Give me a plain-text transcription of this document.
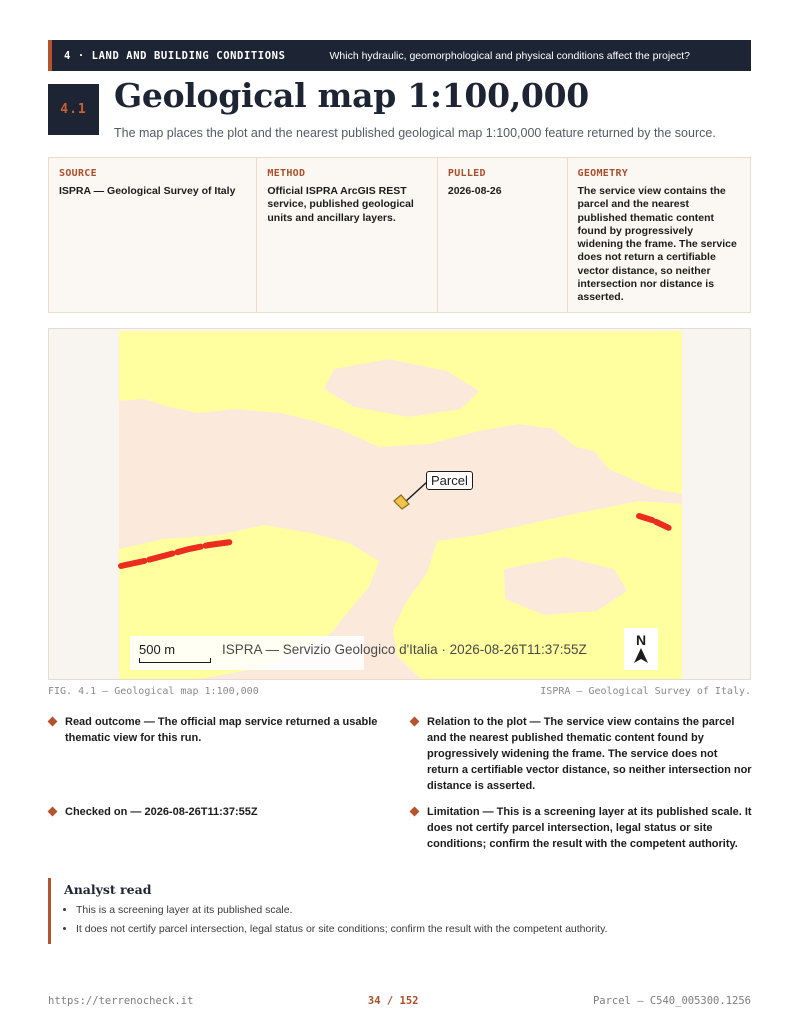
4 · LAND AND BUILDING CONDITIONS	Which hydraulic, geomorphological and physical conditions affect the project?
4.1 Geological map 1:100,000
The map places the plot and the nearest published geological map 1:100,000 feature returned by the source.
SOURCE
ISPRA — Geological Survey of Italy
METHOD
Official ISPRA ArcGIS REST service, published geological units and ancillary layers.
PULLED
2026-08-26
GEOMETRY
The service view contains the parcel and the nearest published thematic content found by progressively widening the frame. The service does not return a certifiable vector distance, so neither intersection nor distance is asserted.
Parcel
500 m	ISPRA — Servizio Geologico d'Italia · 2026-08-26T11:37:55Z
N
FIG. 4.1 — Geological map 1:100,000	ISPRA — Geological Survey of Italy.
Read outcome — The official map service returned a usable thematic view for this run.
Relation to the plot — The service view contains the parcel and the nearest published thematic content found by progressively widening the frame. The service does not return a certifiable vector distance, so neither intersection nor distance is asserted.
Checked on — 2026-08-26T11:37:55Z	Limitation — This is a screening layer at its published scale. It does not certify parcel intersection, legal status or site conditions; confirm the result with the competent authority.
Analyst read
• This is a screening layer at its published scale.
• It does not certify parcel intersection, legal status or site conditions; confirm the result with the competent authority.
https://terrenocheck.it	34 / 152	Parcel — C540_005300.1256
